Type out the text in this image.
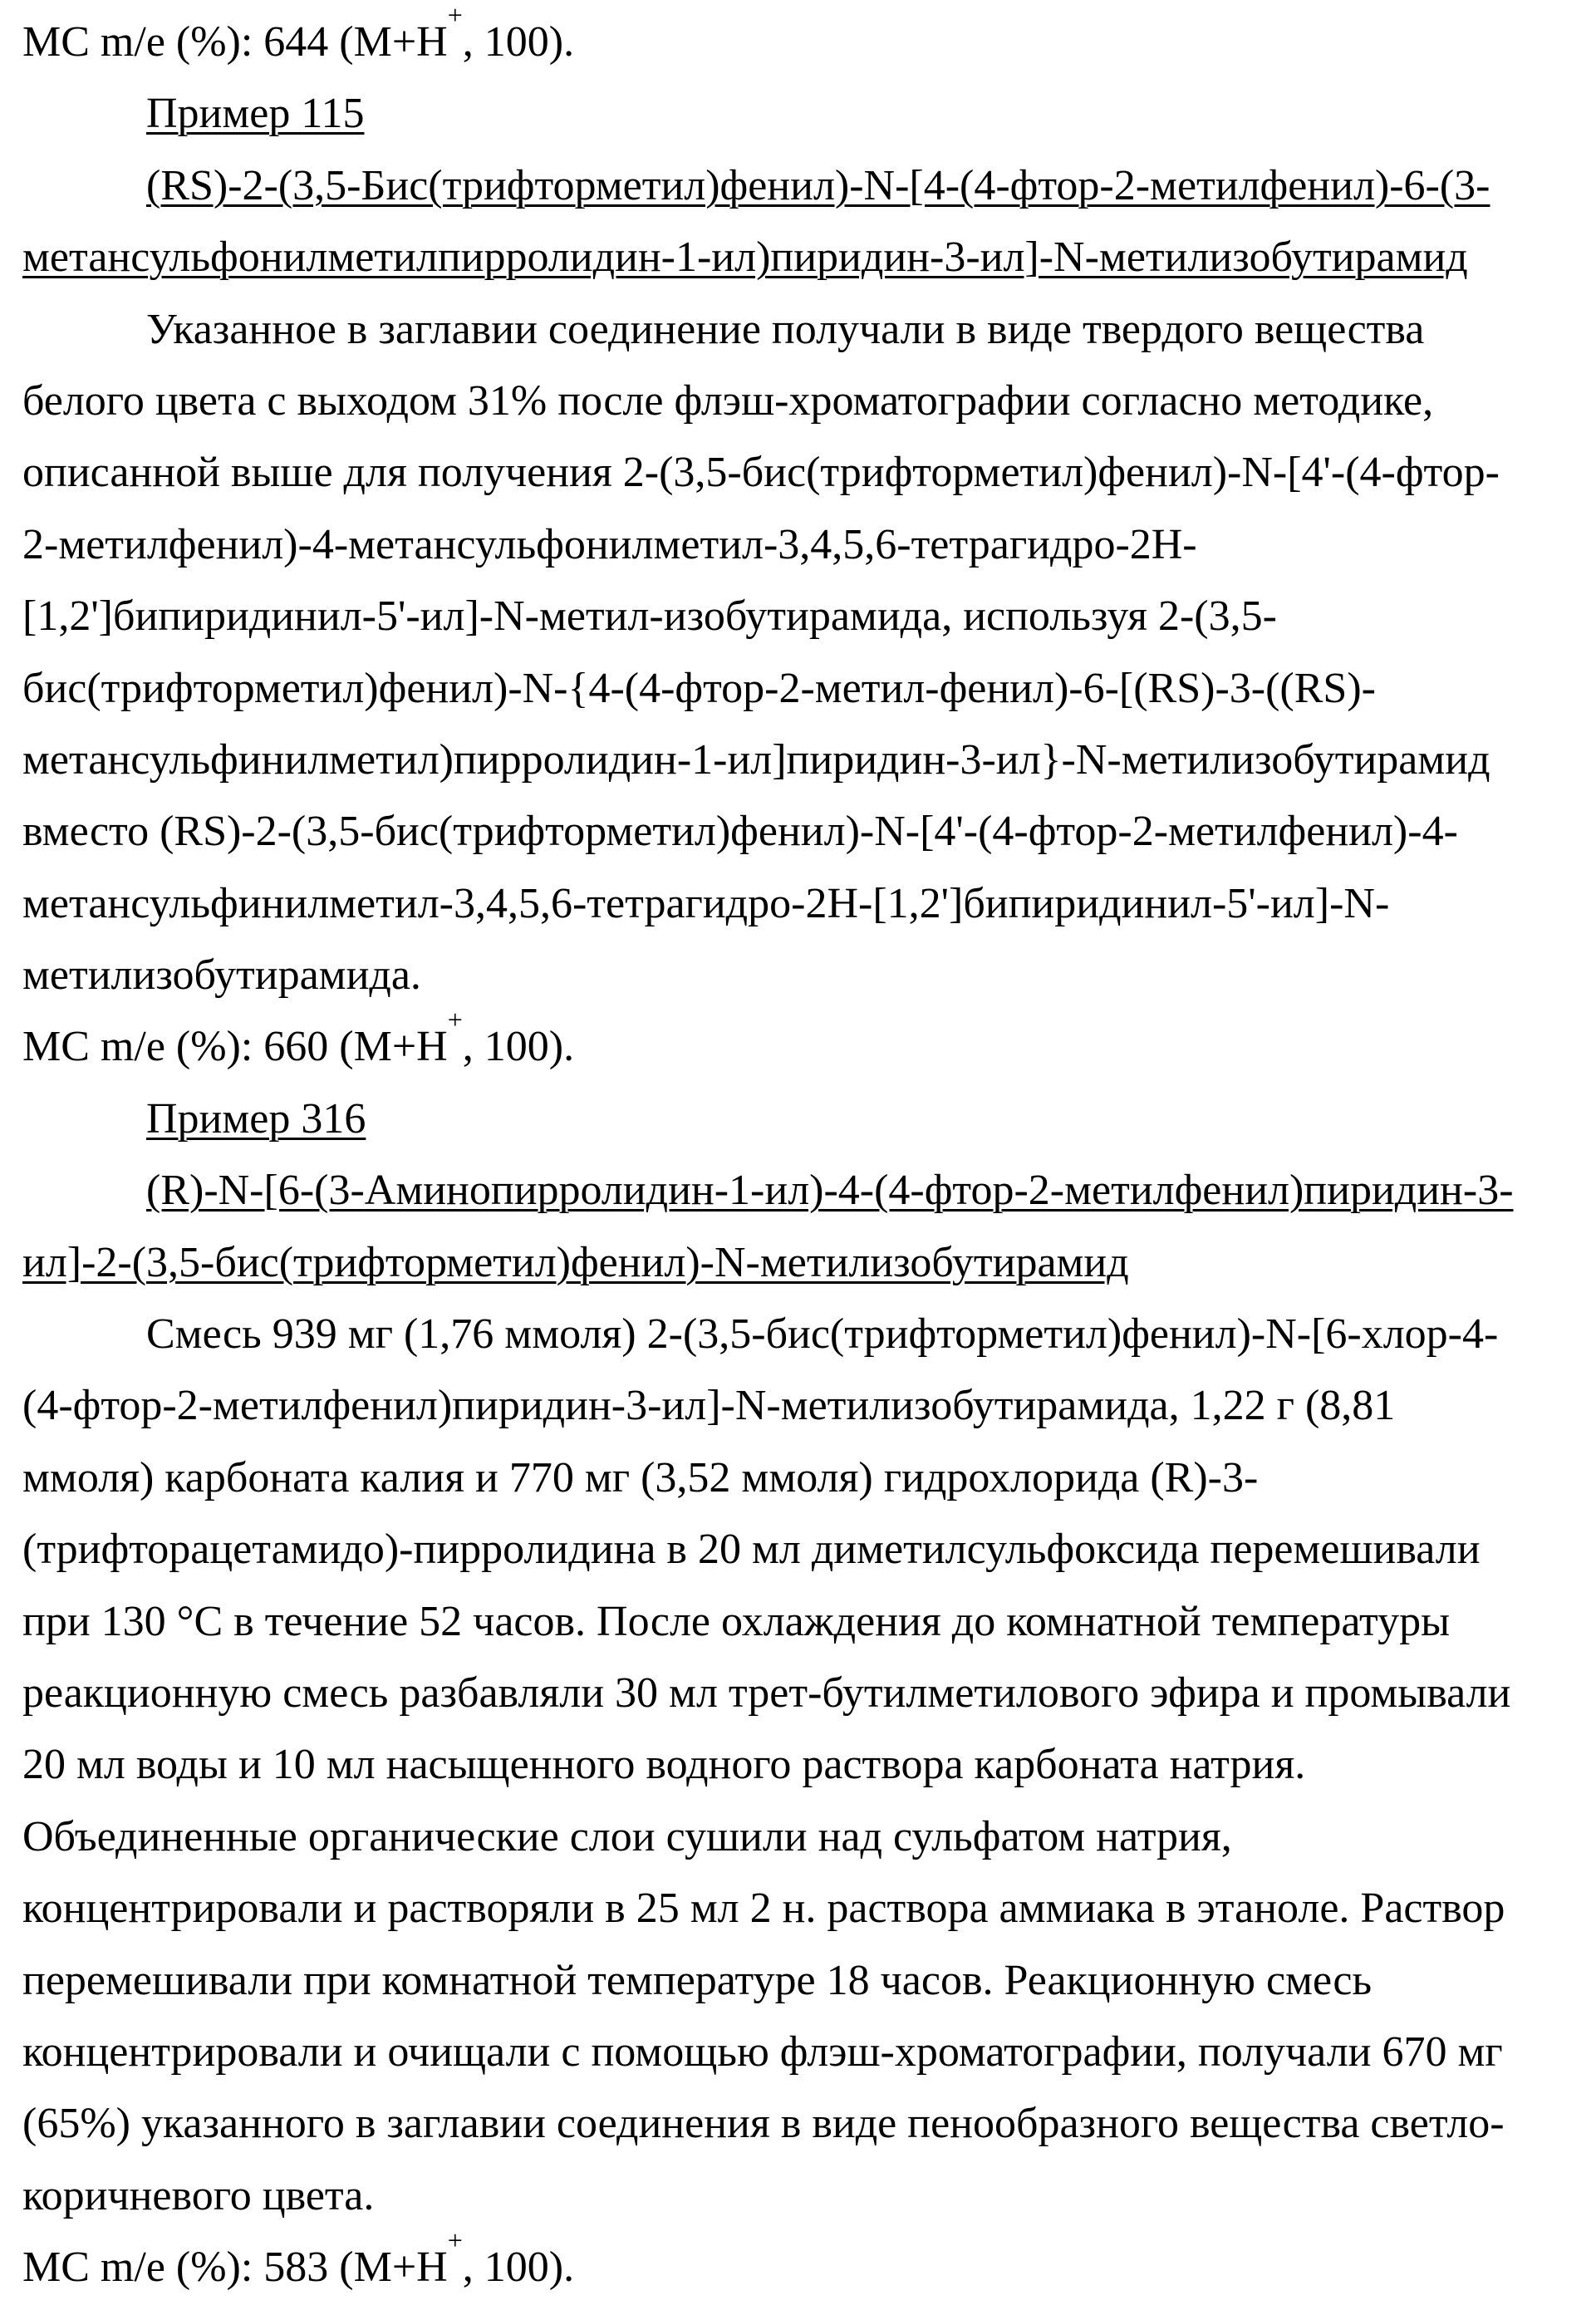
МС m/e (%): 644 (M+H+, 100).
Пример 115
(RS)-2-(3,5-Бис(трифторметил)фенил)-N-[4-(4-фтор-2-метилфенил)-6-(3-
метансульфонилметилпирролидин-1-ил)пиридин-3-ил]-N-метилизобутирамид
Указанное в заглавии соединение получали в виде твердого вещества
белого цвета с выходом 31% после флэш-хроматографии согласно методике,
описанной выше для получения 2-(3,5-бис(трифторметил)фенил)-N-[4'-(4-фтор-
2-метилфенил)-4-метансульфонилметил-3,4,5,6-тетрагидро-2H-
[1,2']бипиридинил-5'-ил]-N-метил-изобутирамида, используя 2-(3,5-
бис(трифторметил)фенил)-N-{4-(4-фтор-2-метил-фенил)-6-[(RS)-3-((RS)-
метансульфинилметил)пирролидин-1-ил]пиридин-3-ил}-N-метилизобутирамид
вместо (RS)-2-(3,5-бис(трифторметил)фенил)-N-[4'-(4-фтор-2-метилфенил)-4-
метансульфинилметил-3,4,5,6-тетрагидро-2H-[1,2']бипиридинил-5'-ил]-N-
метилизобутирамида.
МС m/e (%): 660 (M+H+, 100).
Пример 316
(R)-N-[6-(3-Аминопирролидин-1-ил)-4-(4-фтор-2-метилфенил)пиридин-3-
ил]-2-(3,5-бис(трифторметил)фенил)-N-метилизобутирамид
Смесь 939 мг (1,76 ммоля) 2-(3,5-бис(трифторметил)фенил)-N-[6-хлор-4-
(4-фтор-2-метилфенил)пиридин-3-ил]-N-метилизобутирамида, 1,22 г (8,81
ммоля) карбоната калия и 770 мг (3,52 ммоля) гидрохлорида (R)-3-
(трифторацетамидо)-пирролидина в 20 мл диметилсульфоксида перемешивали
при 130 °C в течение 52 часов. После охлаждения до комнатной температуры
реакционную смесь разбавляли 30 мл трет-бутилметилового эфира и промывали
20 мл воды и 10 мл насыщенного водного раствора карбоната натрия.
Объединенные органические слои сушили над сульфатом натрия,
концентрировали и растворяли в 25 мл 2 н. раствора аммиака в этаноле. Раствор
перемешивали при комнатной температуре 18 часов. Реакционную смесь
концентрировали и очищали с помощью флэш-хроматографии, получали 670 мг
(65%) указанного в заглавии соединения в виде пенообразного вещества светло-
коричневого цвета.
МС m/e (%): 583 (M+H+, 100).
